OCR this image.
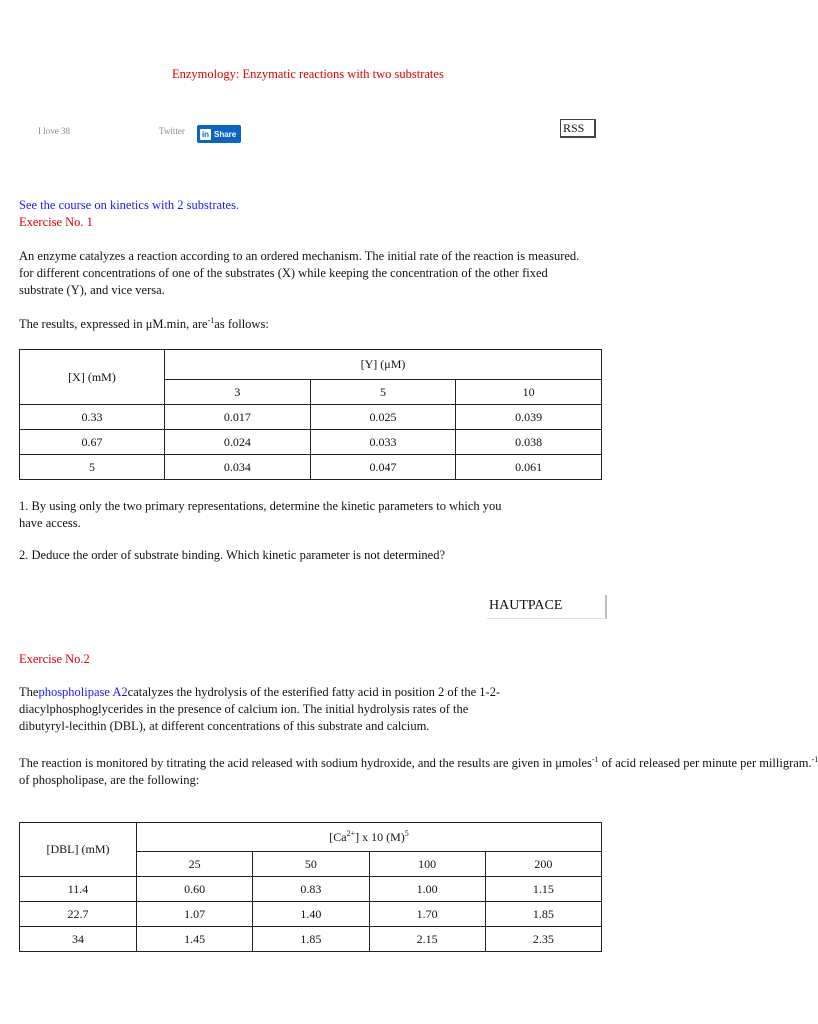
Enzymology: Enzymatic reactions with two substrates
I love 38	Twitter in Share	RSS
See the course on kinetics with 2 substrates.
Exercise No. 1

An enzyme catalyzes a reaction according to an ordered mechanism. The initial rate of the reaction is measured.

for different concentrations of one of the substrates (X) while keeping the concentration of the other fixed

substrate (Y), and vice versa.

The results, expressed in μM.min, are$^{-1}$as follows:
[X] (mM)	[Y] (μM)		
	3	5	10
0.33	0.017	0.025	0.039
0.67	0.024	0.033	0.038
5	0.034	0.047	0.061

1. By using only the two primary representations, determine the kinetic parameters to which you

have access.

2. Deduce the order of substrate binding. Which kinetic parameter is not determined?
HAUTPACE
Exercise No.2

Thephospholipase A2catalyzes the hydrolysis of the esterified fatty acid in position 2 of the 1-2-

diacylphosphoglycerides in the presence of calcium ion. The initial hydrolysis rates of the

dibutyryl-lecithin (DBL), at different concentrations of this substrate and calcium.

The reaction is monitored by titrating the acid released with sodium hydroxide, and the results are given in μmoles$^{-1}$ of acid released per minute per milligram.$^{-1}$

of phospholipase, are the following:

[DBL] (mM)	$[Ca^{2+}]$ x 10 $(M)^5$
	25	50	100	200
11.4	0.60	0.83	1.00	1.15
22.7	1.07	1.40	1.70	1.85
34	1.45	1.85	2.15	2.35
